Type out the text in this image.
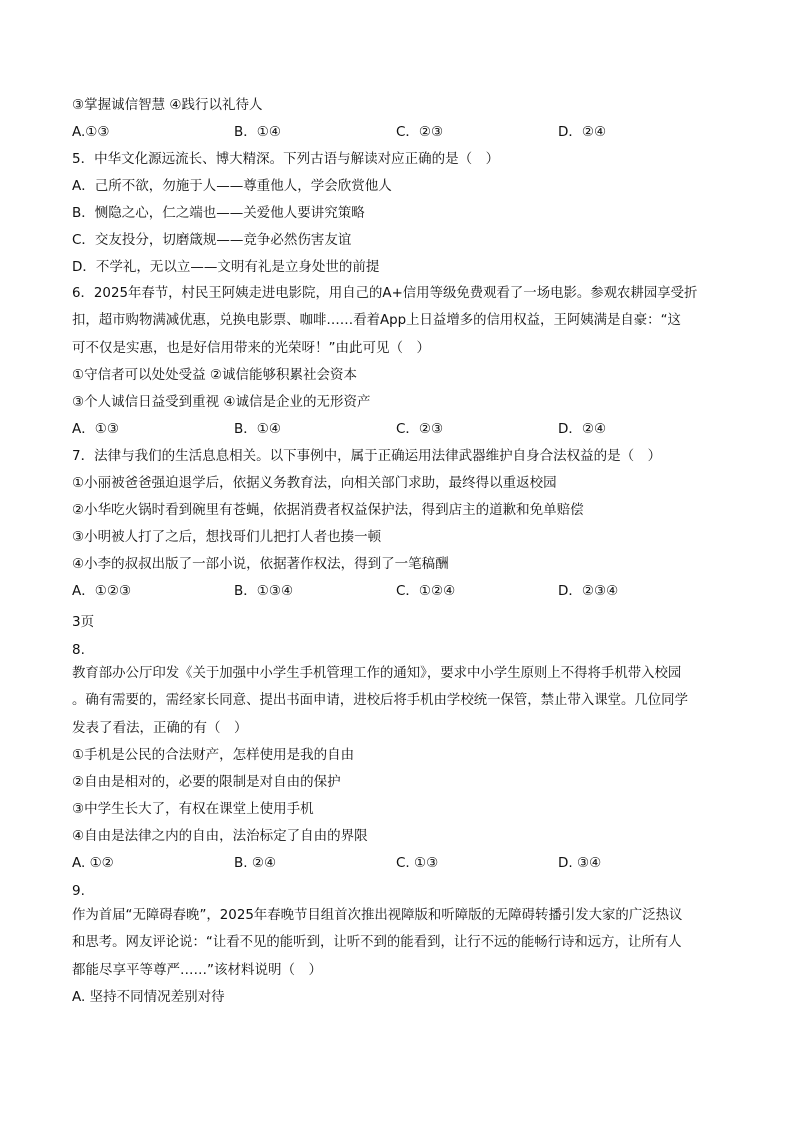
③掌握诚信智慧 ④践行以礼待人
A.①③	B．①④	C．②③	D．②④
5．中华文化源远流长、博大精深。下列古语与解读对应正确的是（　）
A．己所不欲，勿施于人——尊重他人，学会欣赏他人
B．恻隐之心，仁之端也——关爱他人要讲究策略
C．交友投分，切磨箴规——竞争必然伤害友谊
D．不学礼，无以立——文明有礼是立身处世的前提
6．2025年春节，村民王阿姨走进电影院，用自己的A+信用等级免费观看了一场电影。参观农耕园享受折
扣，超市购物满减优惠，兑换电影票、咖啡……看着App上日益增多的信用权益，王阿姨满是自豪：“这
可不仅是实惠，也是好信用带来的光荣呀！”由此可见（　）
①守信者可以处处受益 ②诚信能够积累社会资本
③个人诚信日益受到重视 ④诚信是企业的无形资产
A．①③	B．①④	C．②③	D．②④
7．法律与我们的生活息息相关。以下事例中，属于正确运用法律武器维护自身合法权益的是（　）
①小丽被爸爸强迫退学后，依据义务教育法，向相关部门求助，最终得以重返校园
②小华吃火锅时看到碗里有苍蝇，依据消费者权益保护法，得到店主的道歉和免单赔偿
③小明被人打了之后，想找哥们儿把打人者也揍一顿
④小李的叔叔出版了一部小说，依据著作权法，得到了一笔稿酬
A．①②③	B．①③④	C．①②④	D．②③④
3页
8.
教育部办公厅印发《关于加强中小学生手机管理工作的通知》，要求中小学生原则上不得将手机带入校园
。确有需要的，需经家长同意、提出书面申请，进校后将手机由学校统一保管，禁止带入课堂。几位同学
发表了看法，正确的有（　）
①手机是公民的合法财产，怎样使用是我的自由
②自由是相对的，必要的限制是对自由的保护
③中学生长大了，有权在课堂上使用手机
④自由是法律之内的自由，法治标定了自由的界限
A. ①②	B. ②④	C. ①③	D. ③④
9.
作为首届“无障碍春晚”，2025年春晚节目组首次推出视障版和听障版的无障碍转播引发大家的广泛热议
和思考。网友评论说：“让看不见的能听到，让听不到的能看到，让行不远的能畅行诗和远方，让所有人
都能尽享平等尊严……”该材料说明（　）
A. 坚持不同情况差别对待
